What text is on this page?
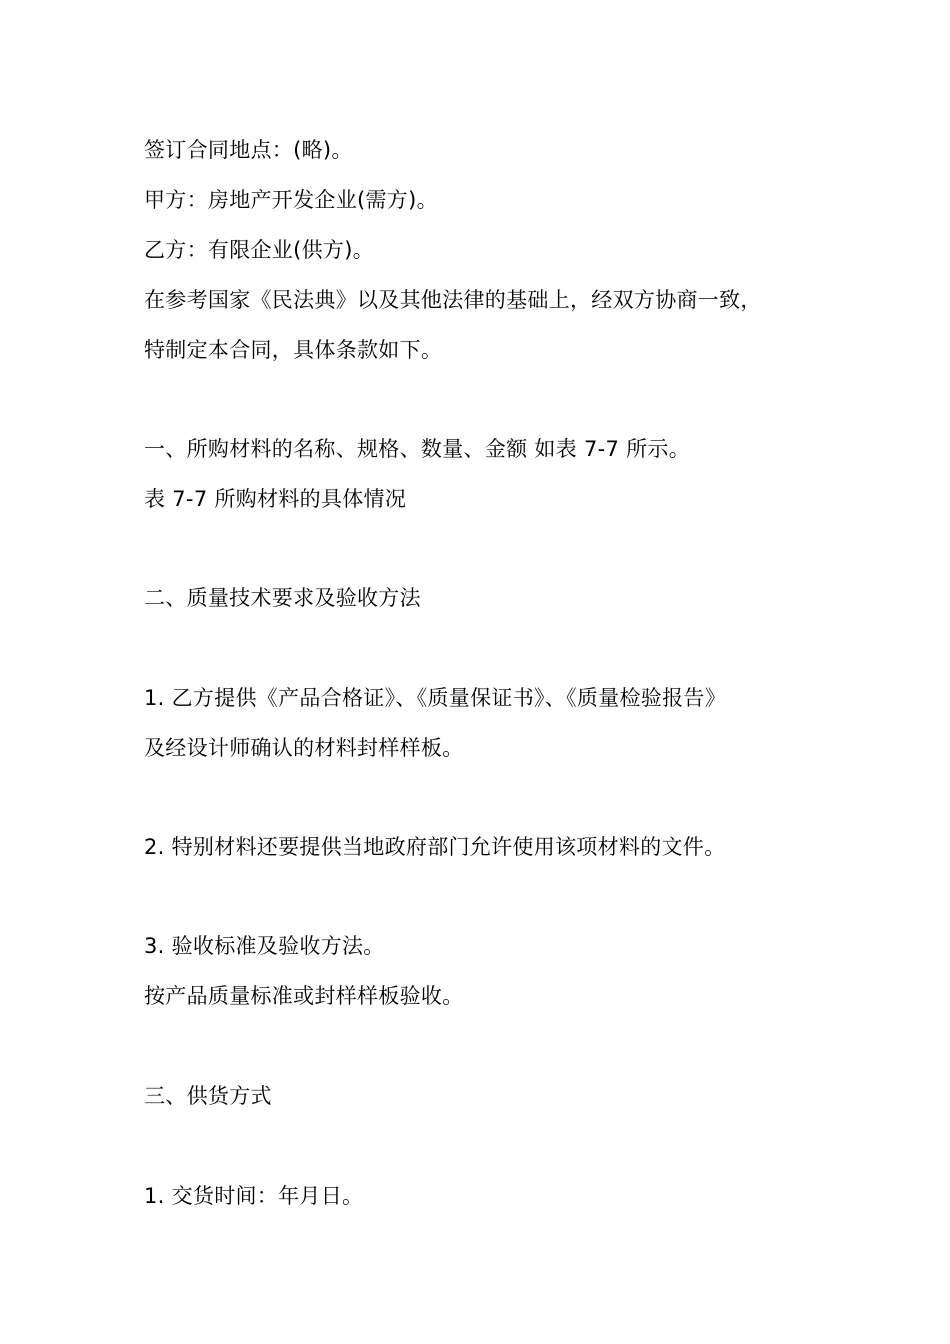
签订合同地点：(略)。
甲方：房地产开发企业(需方)。
乙方：有限企业(供方)。
在参考国家《民法典》以及其他法律的基础上，经双方协商一致，
特制定本合同，具体条款如下。
一、所购材料的名称、规格、数量、金额 如表 7-7 所示。
表 7-7 所购材料的具体情况
二、质量技术要求及验收方法
1. 乙方提供《产品合格证》、《质量保证书》、《质量检验报告》
及经设计师确认的材料封样样板。
2. 特别材料还要提供当地政府部门允许使用该项材料的文件。
3. 验收标准及验收方法。
按产品质量标准或封样样板验收。
三、供货方式
1. 交货时间：年月日。
